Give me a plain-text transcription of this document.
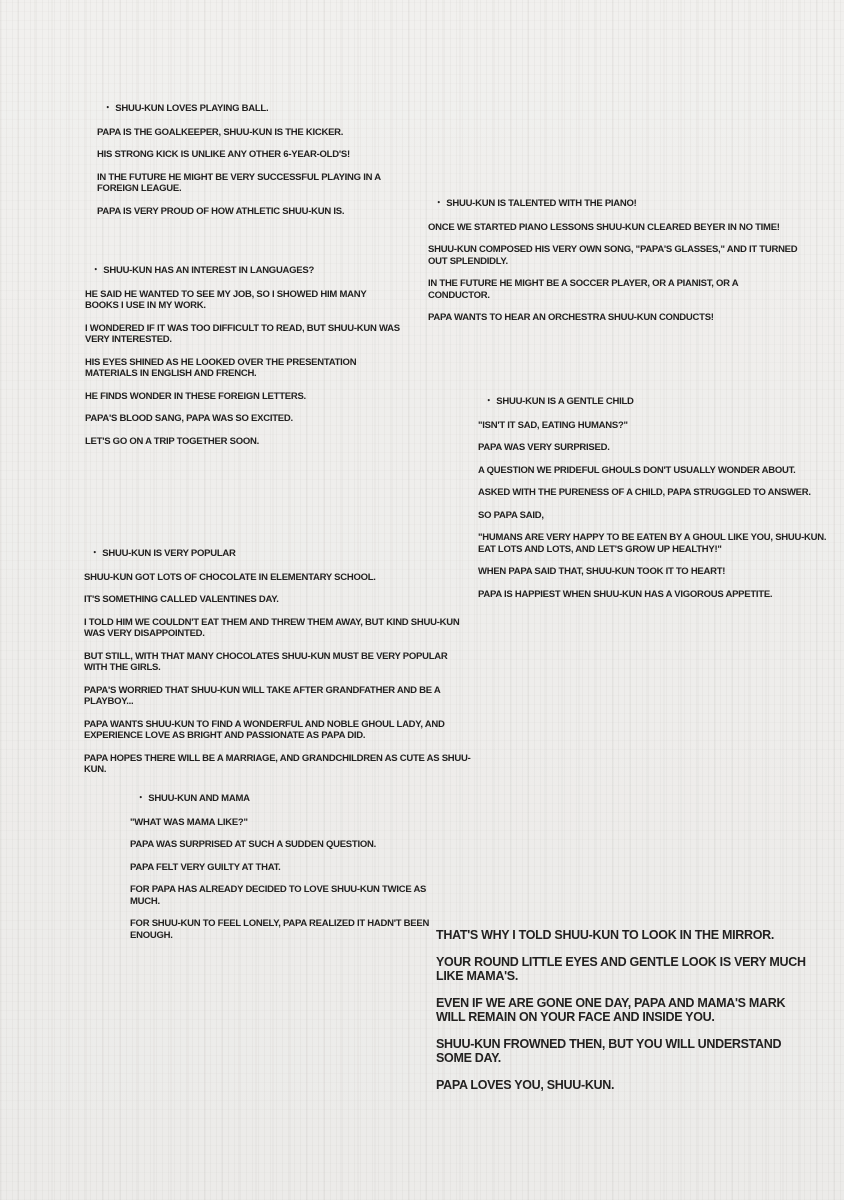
・ SHUU-KUN LOVES PLAYING BALL.

PAPA IS THE GOALKEEPER, SHUU-KUN IS THE KICKER.

HIS STRONG KICK IS UNLIKE ANY OTHER 6-YEAR-OLD'S!

IN THE FUTURE HE MIGHT BE VERY SUCCESSFUL PLAYING IN A FOREIGN LEAGUE.

PAPA IS VERY PROUD OF HOW ATHLETIC SHUU-KUN IS.

・ SHUU-KUN IS TALENTED WITH THE PIANO!

ONCE WE STARTED PIANO LESSONS SHUU-KUN CLEARED BEYER IN NO TIME!

SHUU-KUN COMPOSED HIS VERY OWN SONG, "PAPA'S GLASSES," AND IT TURNED OUT SPLENDIDLY.

IN THE FUTURE HE MIGHT BE A SOCCER PLAYER, OR A PIANIST, OR A CONDUCTOR.

PAPA WANTS TO HEAR AN ORCHESTRA SHUU-KUN CONDUCTS!

・ SHUU-KUN HAS AN INTEREST IN LANGUAGES?

HE SAID HE WANTED TO SEE MY JOB, SO I SHOWED HIM MANY BOOKS I USE IN MY WORK.

I WONDERED IF IT WAS TOO DIFFICULT TO READ, BUT SHUU-KUN WAS VERY INTERESTED.

HIS EYES SHINED AS HE LOOKED OVER THE PRESENTATION MATERIALS IN ENGLISH AND FRENCH.

HE FINDS WONDER IN THESE FOREIGN LETTERS.

PAPA'S BLOOD SANG, PAPA WAS SO EXCITED.

LET'S GO ON A TRIP TOGETHER SOON.

・ SHUU-KUN IS A GENTLE CHILD

"ISN'T IT SAD, EATING HUMANS?"

PAPA WAS VERY SURPRISED.

A QUESTION WE PRIDEFUL GHOULS DON'T USUALLY WONDER ABOUT.

ASKED WITH THE PURENESS OF A CHILD, PAPA STRUGGLED TO ANSWER.

SO PAPA SAID,

"HUMANS ARE VERY HAPPY TO BE EATEN BY A GHOUL LIKE YOU, SHUU-KUN. EAT LOTS AND LOTS, AND LET'S GROW UP HEALTHY!"

WHEN PAPA SAID THAT, SHUU-KUN TOOK IT TO HEART!

PAPA IS HAPPIEST WHEN SHUU-KUN HAS A VIGOROUS APPETITE.

・ SHUU-KUN IS VERY POPULAR

SHUU-KUN GOT LOTS OF CHOCOLATE IN ELEMENTARY SCHOOL.

IT'S SOMETHING CALLED VALENTINES DAY.

I TOLD HIM WE COULDN'T EAT THEM AND THREW THEM AWAY, BUT KIND SHUU-KUN WAS VERY DISAPPOINTED.

BUT STILL, WITH THAT MANY CHOCOLATES SHUU-KUN MUST BE VERY POPULAR WITH THE GIRLS.

PAPA'S WORRIED THAT SHUU-KUN WILL TAKE AFTER GRANDFATHER AND BE A PLAYBOY...

PAPA WANTS SHUU-KUN TO FIND A WONDERFUL AND NOBLE GHOUL LADY, AND EXPERIENCE LOVE AS BRIGHT AND PASSIONATE AS PAPA DID.

PAPA HOPES THERE WILL BE A MARRIAGE, AND GRANDCHILDREN AS CUTE AS SHUU-KUN.

・ SHUU-KUN AND MAMA

"WHAT WAS MAMA LIKE?"

PAPA WAS SURPRISED AT SUCH A SUDDEN QUESTION.

PAPA FELT VERY GUILTY AT THAT.

FOR PAPA HAS ALREADY DECIDED TO LOVE SHUU-KUN TWICE AS MUCH.

FOR SHUU-KUN TO FEEL LONELY, PAPA REALIZED IT HADN'T BEEN ENOUGH.	THAT'S WHY I TOLD SHUU-KUN TO LOOK IN THE MIRROR.

YOUR ROUND LITTLE EYES AND GENTLE LOOK IS VERY MUCH LIKE MAMA'S.

EVEN IF WE ARE GONE ONE DAY, PAPA AND MAMA'S MARK WILL REMAIN ON YOUR FACE AND INSIDE YOU.

SHUU-KUN FROWNED THEN, BUT YOU WILL UNDERSTAND SOME DAY.

PAPA LOVES YOU, SHUU-KUN.
